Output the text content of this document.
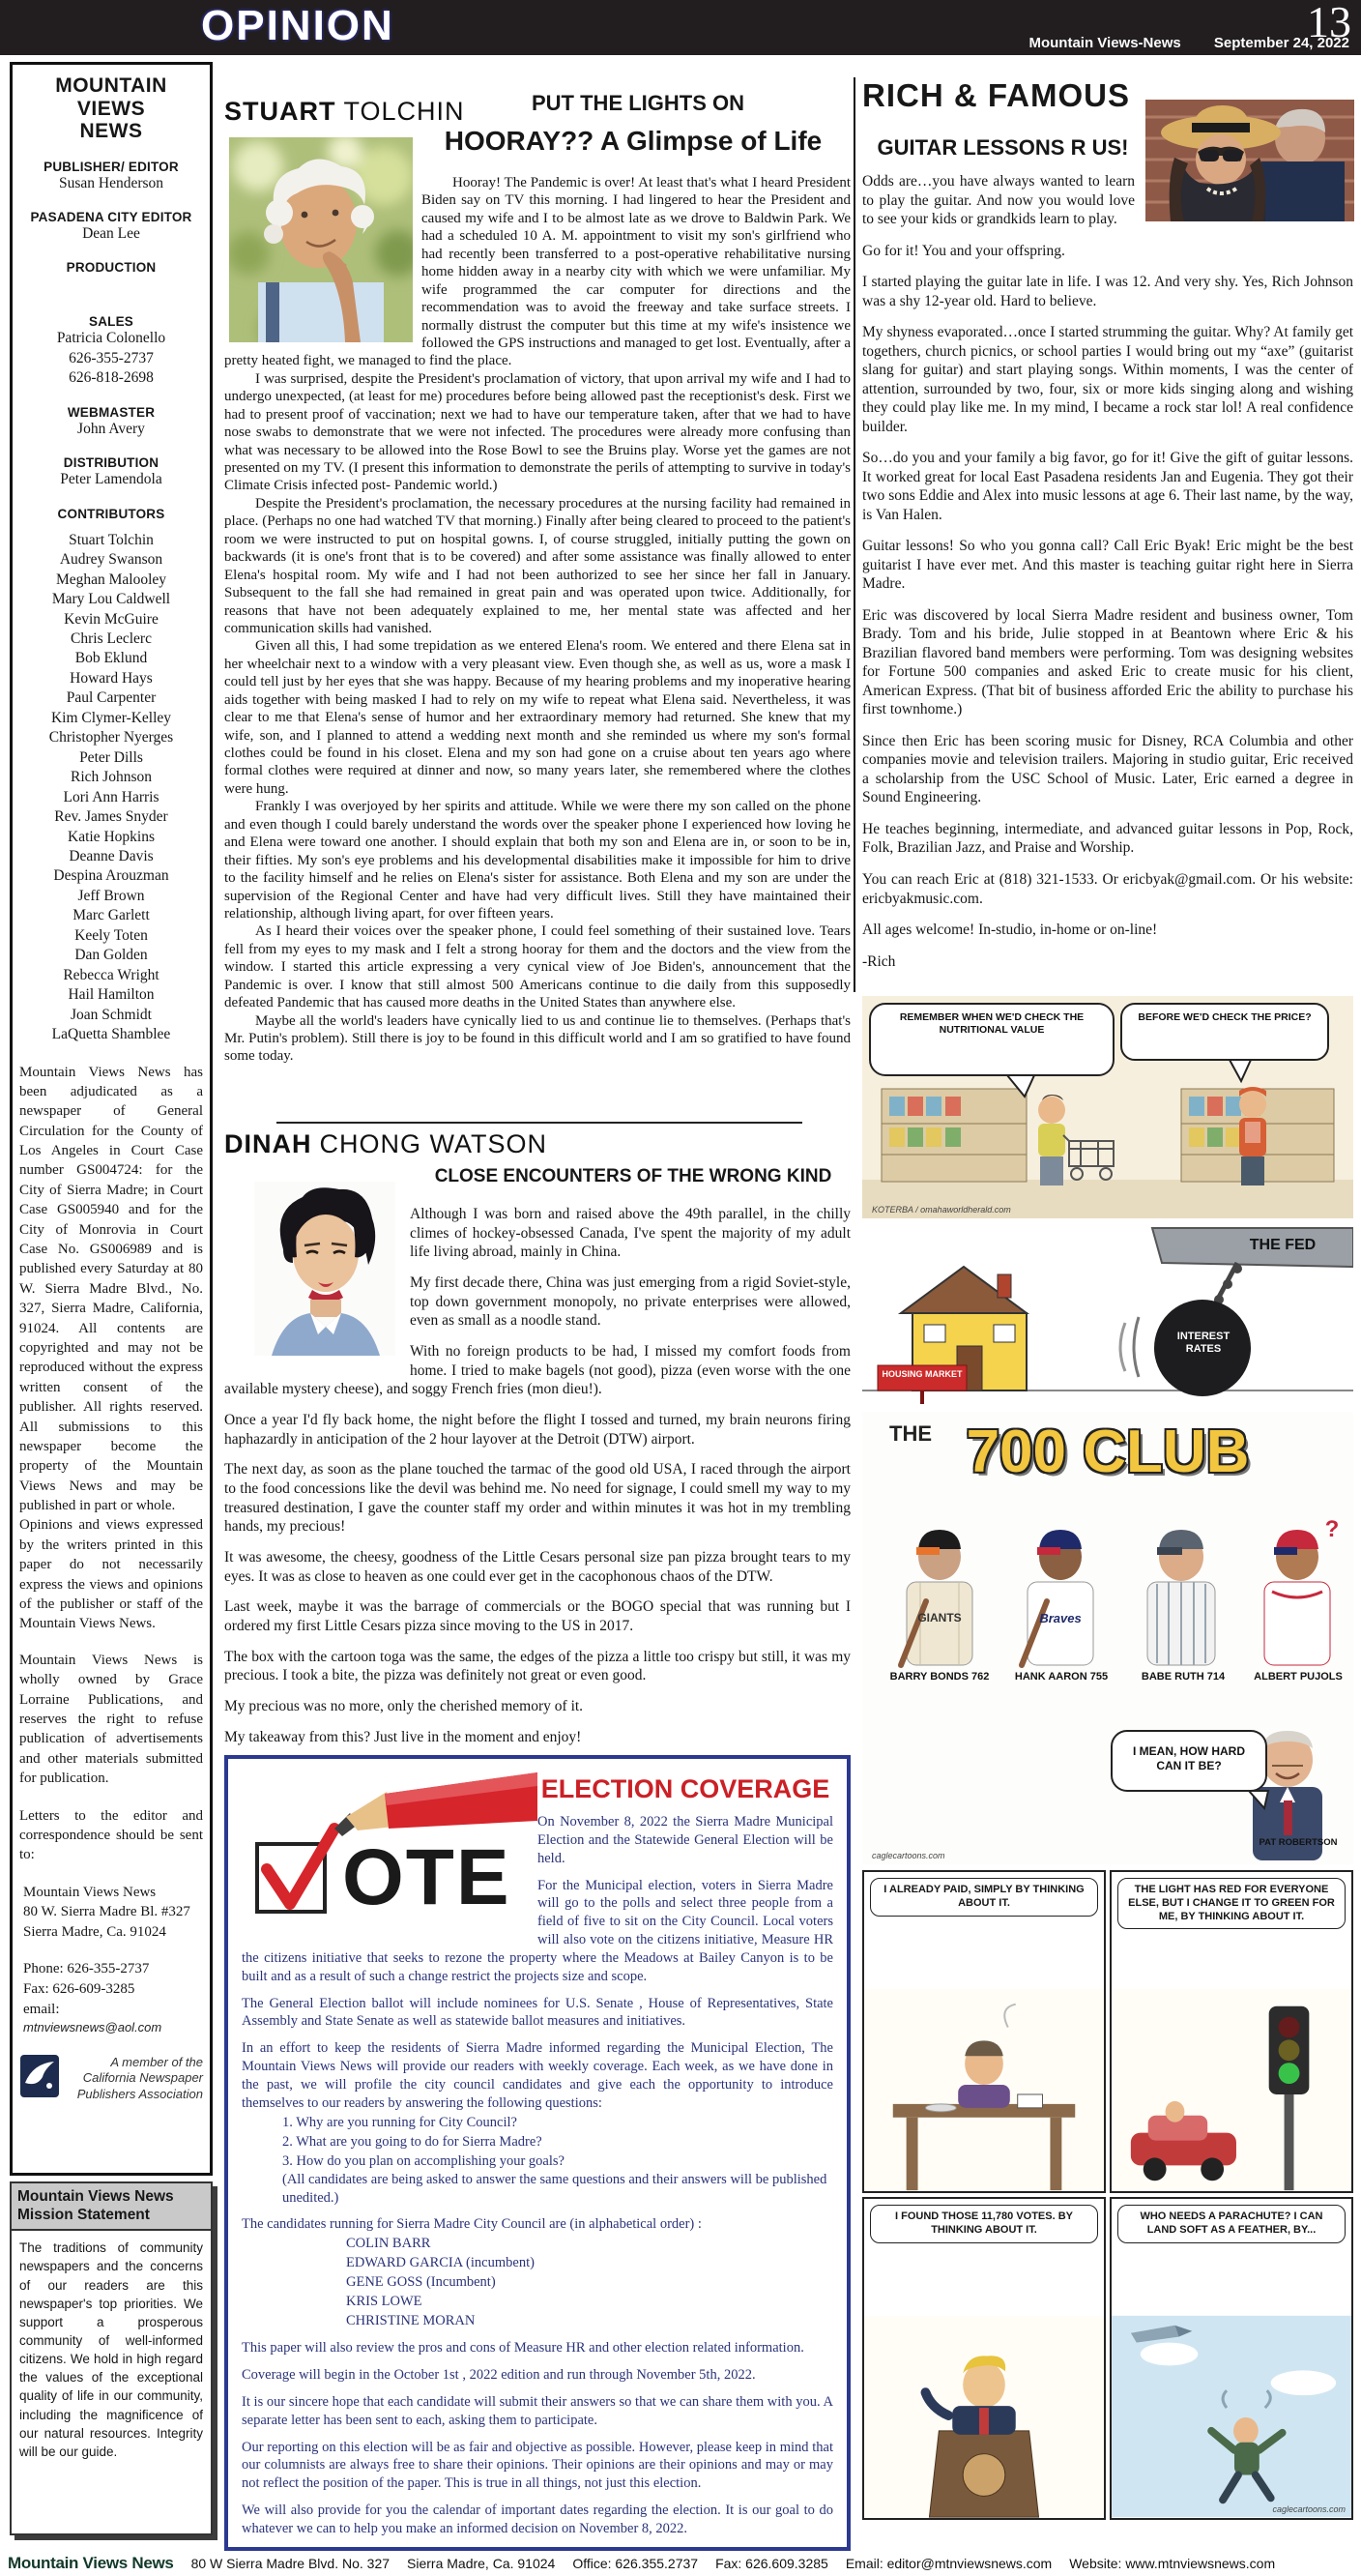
OPINION	13
Mountain Views-News September 24, 2022
MOUNTAIN
VIEWS
NEWS
PUBLISHER/ EDITOR
Susan Henderson
PASADENA CITY EDITOR
Dean Lee
PRODUCTION
SALES
Patricia Colonello
626-355-2737
626-818-2698
WEBMASTER
John Avery
DISTRIBUTION
Peter Lamendola
CONTRIBUTORS
Stuart Tolchin
Audrey Swanson
Meghan Malooley
Mary Lou Caldwell
Kevin McGuire
Chris Leclerc
Bob Eklund
Howard Hays
Paul Carpenter
Kim Clymer-Kelley
Christopher Nyerges
Peter Dills
Rich Johnson
Lori Ann Harris
Rev. James Snyder
Katie Hopkins
Deanne Davis
Despina Arouzman
Jeff Brown
Marc Garlett
Keely Toten
Dan Golden
Rebecca Wright
Hail Hamilton
Joan Schmidt
LaQuetta Shamblee

Mountain Views News has been adjudicated as a newspaper of General Circulation for the County of Los Angeles in Court Case number GS004724: for the City of Sierra Madre; in Court Case GS005940 and for the City of Monrovia in Court Case No. GS006989 and is published every Saturday at 80 W. Sierra Madre Blvd., No. 327, Sierra Madre, California, 91024. All contents are copyrighted and may not be reproduced without the express written consent of the publisher. All rights reserved. All submissions to this newspaper become the property of the Mountain Views News and may be published in part or whole.

Opinions and views expressed by the writers printed in this paper do not necessarily express the views and opinions of the publisher or staff of the Mountain Views News.

Mountain Views News is wholly owned by Grace Lorraine Publications, and reserves the right to refuse publication of advertisements and other materials submitted for publication.

Letters to the editor and correspondence should be sent to:
Mountain Views News
80 W. Sierra Madre Bl. #327
Sierra Madre, Ca. 91024
Phone: 626-355-2737
Fax: 626-609-3285
email:
mtnviewsnews@aol.com
A member of the California Newspaper Publishers Association
Mountain Views News
Mission Statement
The traditions of community newspapers and the concerns of our readers are this newspaper's top priorities. We support a prosperous community of well-informed citizens. We hold in high regard the values of the exceptional quality of life in our community, including the magnificence of our natural resources. Integrity will be our guide.
STUART TOLCHIN	PUT THE LIGHTS ON
HOORAY?? A Glimpse of Life

Hooray! The Pandemic is over! At least that's what I heard President Biden say on TV this morning. I had lingered to hear the President and caused my wife and I to be almost late as we drove to Baldwin Park. We had a scheduled 10 A. M. appointment to visit my son's girlfriend who had recently been transferred to a post-operative rehabilitative nursing home hidden away in a nearby city with which we were unfamiliar. My wife programmed the car computer for directions and the recommendation was to avoid the freeway and take surface streets. I normally distrust the computer but this time at my wife's insistence we followed the GPS instructions and managed to get lost. Eventually, after a pretty heated fight, we managed to find the place.

I was surprised, despite the President's proclamation of victory, that upon arrival my wife and I had to undergo unexpected, (at least for me) procedures before being allowed past the receptionist's desk. First we had to present proof of vaccination; next we had to have our temperature taken, after that we had to have nose swabs to demonstrate that we were not infected. The procedures were already more confusing than what was necessary to be allowed into the Rose Bowl to see the Bruins play. Worse yet the games are not presented on my TV. (I present this information to demonstrate the perils of attempting to survive in today's Climate Crisis infected post- Pandemic world.)

Despite the President's proclamation, the necessary procedures at the nursing facility had remained in place. (Perhaps no one had watched TV that morning.) Finally after being cleared to proceed to the patient's room we were instructed to put on hospital gowns. I, of course struggled, initially putting the gown on backwards (it is one's front that is to be covered) and after some assistance was finally allowed to enter Elena's hospital room. My wife and I had not been authorized to see her since her fall in January. Subsequent to the fall she had remained in great pain and was operated upon twice. Additionally, for reasons that have not been adequately explained to me, her mental state was affected and her communication skills had vanished.

Given all this, I had some trepidation as we entered Elena's room. We entered and there Elena sat in her wheelchair next to a window with a very pleasant view. Even though she, as well as us, wore a mask I could tell just by her eyes that she was happy. Because of my hearing problems and my inoperative hearing aids together with being masked I had to rely on my wife to repeat what Elena said. Nevertheless, it was clear to me that Elena's sense of humor and her extraordinary memory had returned. She knew that my wife, son, and I planned to attend a wedding next month and she reminded us where my son's formal clothes could be found in his closet. Elena and my son had gone on a cruise about ten years ago where formal clothes were required at dinner and now, so many years later, she remembered where the clothes were hung.

Frankly I was overjoyed by her spirits and attitude. While we were there my son called on the phone and even though I could barely understand the words over the speaker phone I experienced how loving he and Elena were toward one another. I should explain that both my son and Elena are in, or soon to be in, their fifties. My son's eye problems and his developmental disabilities make it impossible for him to drive to the facility himself and he relies on Elena's sister for assistance. Both Elena and my son are under the supervision of the Regional Center and have had very difficult lives. Still they have maintained their relationship, although living apart, for over fifteen years.

As I heard their voices over the speaker phone, I could feel something of their sustained love. Tears fell from my eyes to my mask and I felt a strong hooray for them and the doctors and the view from the window. I started this article expressing a very cynical view of Joe Biden's, announcement that the Pandemic is over. I know that still almost 500 Americans continue to die daily from this supposedly defeated Pandemic that has caused more deaths in the United States than anywhere else.

Maybe all the world's leaders have cynically lied to us and continue lie to themselves. (Perhaps that's Mr. Putin's problem). Still there is joy to be found in this difficult world and I am so gratified to have found some today.

DINAH CHONG WATSON
CLOSE ENCOUNTERS OF THE WRONG KIND

Although I was born and raised above the 49th parallel, in the chilly climes of hockey-obsessed Canada, I've spent the majority of my adult life living abroad, mainly in China.

My first decade there, China was just emerging from a rigid Soviet-style, top down government monopoly, no private enterprises were allowed, even as small as a noodle stand.

With no foreign products to be had, I missed my comfort foods from home. I tried to make bagels (not good), pizza (even worse with the one available mystery cheese), and soggy French fries (mon dieu!).

Once a year I'd fly back home, the night before the flight I tossed and turned, my brain neurons firing haphazardly in anticipation of the 2 hour layover at the Detroit (DTW) airport.

The next day, as soon as the plane touched the tarmac of the good old USA, I raced through the airport to the food concessions like the devil was behind me. No need for signage, I could smell my way to my treasured destination, I gave the counter staff my order and within minutes it was hot in my trembling hands, my precious!

It was awesome, the cheesy, goodness of the Little Cesars personal size pan pizza brought tears to my eyes. It was as close to heaven as one could ever get in the cacophonous chaos of the DTW.

Last week, maybe it was the barrage of commercials or the BOGO special that was running but I ordered my first Little Cesars pizza since moving to the US in 2017.

The box with the cartoon toga was the same, the edges of the pizza a little too crispy but still, it was my precious. I took a bite, the pizza was definitely not great or even good.

My precious was no more, only the cherished memory of it.

My takeaway from this? Just live in the moment and enjoy!

OTE
ELECTION COVERAGE

On November 8, 2022 the Sierra Madre Municipal Election and the Statewide General Election will be held.

For the Municipal election, voters in Sierra Madre will go to the polls and select three people from a field of five to sit on the City Council. Local voters will also vote on the citizens initiative, Measure HR the citizens initiative that seeks to rezone the property where the Meadows at Bailey Canyon is to be built and as a result of such a change restrict the projects size and scope.

The General Election ballot will include nominees for U.S. Senate , House of Representatives, State Assembly and State Senate as well as statewide ballot measures and initiatives.

In an effort to keep the residents of Sierra Madre informed regarding the Municipal Election, The Mountain Views News will provide our readers with weekly coverage. Each week, as we have done in the past, we will profile the city council candidates and give each the opportunity to introduce themselves to our readers by answering the following questions:

1. Why are you running for City Council?
2. What are you going to do for Sierra Madre?
3. How do you plan on accomplishing your goals?

(All candidates are being asked to answer the same questions and their answers will be published unedited.)

The candidates running for Sierra Madre City Council are (in alphabetical order) :

COLIN BARR
EDWARD GARCIA (incumbent)
GENE GOSS (Incumbent)
KRIS LOWE
CHRISTINE MORAN

This paper will also review the pros and cons of Measure HR and other election related information.

Coverage will begin in the October 1st , 2022 edition and run through November 5th, 2022.

It is our sincere hope that each candidate will submit their answers so that we can share them with you. A separate letter has been sent to each, asking them to participate.

Our reporting on this election will be as fair and objective as possible. However, please keep in mind that our columnists are always free to share their opinions. Their opinions are their opinions and may or may not reflect the position of the paper. This is true in all things, not just this election.

We will also provide for you the calendar of important dates regarding the election. It is our goal to do whatever we can to help you make an informed decision on November 8, 2022.

RICH & FAMOUS
GUITAR LESSONS R US!

Odds are…you have always wanted to learn to play the guitar. And now you would love to see your kids or grandkids learn to play.

Go for it! You and your offspring.

I started playing the guitar late in life. I was 12. And very shy. Yes, Rich Johnson was a shy 12-year old. Hard to believe.

My shyness evaporated…once I started strumming the guitar. Why? At family get togethers, church picnics, or school parties I would bring out my “axe” (guitarist slang for guitar) and start playing songs. Within moments, I was the center of attention, surrounded by two, four, six or more kids singing along and wishing they could play like me. In my mind, I became a rock star lol! A real confidence builder.

So…do you and your family a big favor, go for it! Give the gift of guitar lessons. It worked great for local East Pasadena residents Jan and Eugenia. They got their two sons Eddie and Alex into music lessons at age 6. Their last name, by the way, is Van Halen.

Guitar lessons! So who you gonna call? Call Eric Byak! Eric might be the best guitarist I have ever met. And this master is teaching guitar right here in Sierra Madre.

Eric was discovered by local Sierra Madre resident and business owner, Tom Brady. Tom and his bride, Julie stopped in at Beantown where Eric & his Brazilian flavored band members were performing. Tom was designing websites for Fortune 500 companies and asked Eric to create music for his client, American Express. (That bit of business afforded Eric the ability to purchase his first townhome.)

Since then Eric has been scoring music for Disney, RCA Columbia and other companies movie and television trailers. Majoring in studio guitar, Eric received a scholarship from the USC School of Music. Later, Eric earned a degree in Sound Engineering.

He teaches beginning, intermediate, and advanced guitar lessons in Pop, Rock, Folk, Brazilian Jazz, and Praise and Worship.

You can reach Eric at (818) 321-1533. Or ericbyak@gmail.com. Or his website: ericbyakmusic.com.

All ages welcome! In-studio, in-home or on-line!

-Rich

REMEMBER WHEN WE'D CHECK THE NUTRITIONAL VALUE
BEFORE WE'D CHECK THE PRICE?
KOTERBA / omahaworldherald.com
INTEREST RATES
THE FED
HOUSING MARKET
THE 700 CLUB
BARRY BONDS 762	HANK AARON 755	BABE RUTH 714	ALBERT PUJOLS
?
GIANTS	Braves
I MEAN, HOW HARD CAN IT BE?
PAT ROBERTSON
caglecartoons.com
I ALREADY PAID, SIMPLY BY THINKING ABOUT IT.
THE LIGHT HAS RED FOR EVERYONE ELSE, BUT I CHANGE IT TO GREEN FOR ME, BY THINKING ABOUT IT.
I FOUND THOSE 11,780 VOTES. BY THINKING ABOUT IT.
WHO NEEDS A PARACHUTE? I CAN LAND SOFT AS A FEATHER, BY...
caglecartoons.com
Mountain Views News 80 W Sierra Madre Blvd. No. 327 Sierra Madre, Ca. 91024 Office: 626.355.2737 Fax: 626.609.3285 Email: editor@mtnviewsnews.com Website: www.mtnviewsnews.com
